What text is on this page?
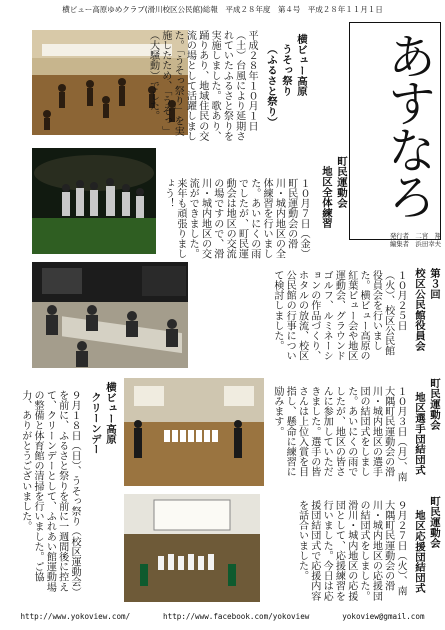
横ビュー高原ゆめクラブ(滑川校区公民館)総報　平成２８年度　第４号　平成２８年１１月１日
あすなろ
発行者　二宮　翔
編集者　浜田幸夫
横ビュー高原
うそっ祭り
（ふるさと祭り）
平成２８年１０月１日（土）台風により延期されていたふるさと祭りを実施しました。歌あり、踊りあり、地域住民の交流の場として活躍しました。「うそっ祭り」を実施したため、「うそっ」（大騒動）でした。
町民運動会
地区全体練習
１０月７日（金）町民運動会の滑川・城内地区の全体練習を行いました。あいにくの雨でしたが、町民運動会は地区の交流の場ですので、滑川・城内地区の交流ができました。来年も頑張りましょう！
第３回
校区公民館役員会
１０月２５日（火）、校区公民館役員会を行いました。横ビュー高原の紅葉ビュー会や地区運動会、グラウンドゴルフ、ルミネーションの作品づくり、ホタルの放流、校区公民館の行事について検討しました。
町民運動会
地区選手団結団式
１０月３日（月）、南大隅町民運動会の滑川・城内地区の選手団の結団式をしました。あいにくの雨でしたが、地区の皆さんに参加していただきました。選手の皆さんは上位入賞を目指し、懸命に練習に励みます。
横ビュー高原
クリーンデー
９月１８日（日）、うそっ祭り（校区運動会）を前に、ふるさと祭りを前に一週間後に控えて、クリーンデーとして、ふれあい館運動場の整備と体育館の清掃を行いました。ご協力、ありがとうございました。	町民運動会
地区応援団結団式
９月２７日（火）、南大隅町民運動会の滑川・城内地区の応援団の結団式をしました。滑川・城内地区の応援団として、応援練習を行いました。今日は応援団結団式で応援内容を話合いました。
http://www.yokoview.com/	http://www.facebook.com/yokoview	yokoview@gmail.com
